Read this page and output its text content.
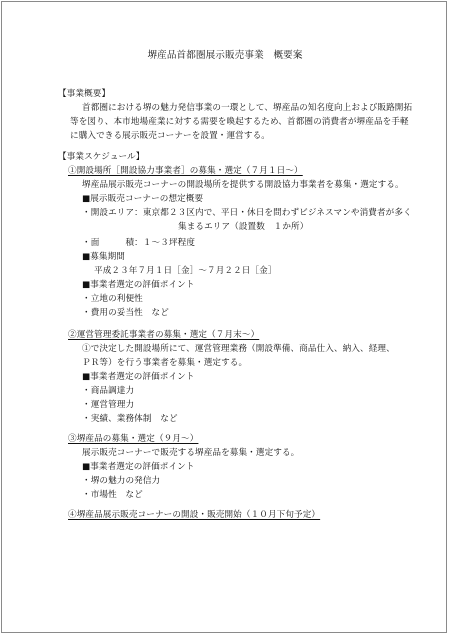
堺産品首都圏展示販売事業　概要案
【事業概要】
首都圏における堺の魅力発信事業の一環として、堺産品の知名度向上および販路開拓
等を図り、本市地場産業に対する需要を喚起するため、首都圏の消費者が堺産品を手軽
に購入できる展示販売コーナーを設置・運営する。
【事業スケジュール】
①開設場所［開設協力事業者］の募集・選定（７月１日～）
堺産品展示販売コーナーの開設場所を提供する開設協力事業者を募集・選定する。
■展示販売コーナーの想定概要
・開設エリア：東京都２３区内で、平日・休日を問わずビジネスマンや消費者が多く
集まるエリア（設置数　１か所）
・面　　　積：１～３坪程度
■募集期間
平成２３年７月１日［金］～７月２２日［金］
■事業者選定の評価ポイント
・立地の利便性
・費用の妥当性　など
②運営管理委託事業者の募集・選定（７月末～）
①で決定した開設場所にて、運営管理業務（開設準備、商品仕入、納入、経理、
ＰＲ等）を行う事業者を募集・選定する。
■事業者選定の評価ポイント
・商品調達力
・運営管理力
・実績、業務体制　など
③堺産品の募集・選定（９月～）
展示販売コーナーで販売する堺産品を募集・選定する。
■事業者選定の評価ポイント
・堺の魅力の発信力
・市場性　など
④堺産品展示販売コーナーの開設・販売開始（１０月下旬予定）
